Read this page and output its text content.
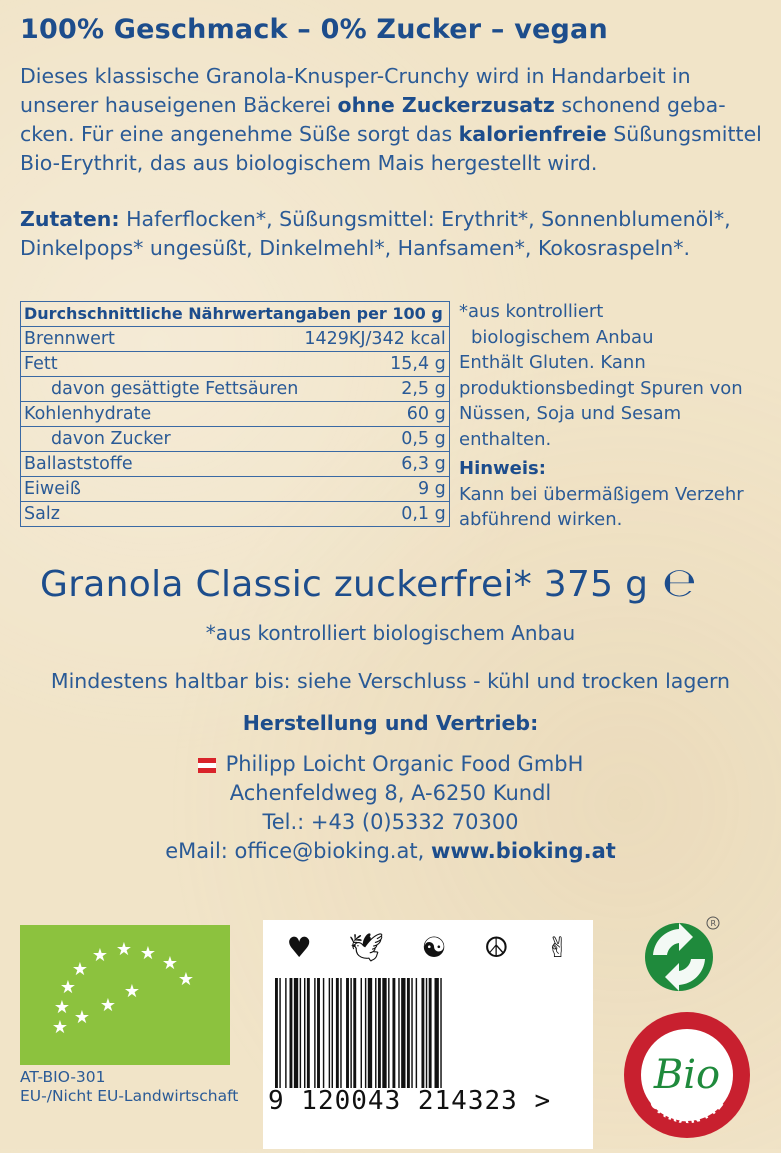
100% Geschmack – 0% Zucker – vegan
Dieses klassische Granola-Knusper-Crunchy wird in Handarbeit in unserer hauseigenen Bäckerei ohne Zuckerzusatz schonend gebacken. Für eine angenehme Süße sorgt das kalorienfreie Süßungsmittel Bio-Erythrit, das aus biologischem Mais hergestellt wird.
Zutaten: Haferflocken*, Süßungsmittel: Erythrit*, Sonnenblumenöl*, Dinkelpops* ungesüßt, Dinkelmehl*, Hanfsamen*, Kokosraspeln*.
Durchschnittliche Nährwertangaben per 100 g	
Brennwert	1429KJ/342 kcal
Fett	15,4 g
davon gesättigte Fettsäuren	2,5 g
Kohlenhydrate	60 g
davon Zucker	0,5 g
Ballaststoffe	6,3 g
Eiweiß	9 g
Salz	0,1 g
*aus kontrolliert
biologischem Anbau
Enthält Gluten. Kann produktionsbedingt Spuren von Nüssen, Soja und Sesam enthalten.
Hinweis:
Kann bei übermäßigem Verzehr abführend wirken.
Granola Classic zuckerfrei* 375 g ℮
*aus kontrolliert biologischem Anbau
Mindestens haltbar bis: siehe Verschluss - kühl und trocken lagern
Herstellung und Vertrieb:
Philipp Loicht Organic Food GmbH
Achenfeldweg 8, A-6250 Kundl
Tel.: +43 (0)5332 70300
eMail: office@bioking.at, www.bioking.at
★ ★ ★ ★
★
★
★
★
★ ★
★
★
AT-BIO-301
EU-/Nicht EU-Landwirtschaft
♥ 🕊 ☯ ☮ ✌
9 120043 214323 >
R
Bio
GARANTIE
